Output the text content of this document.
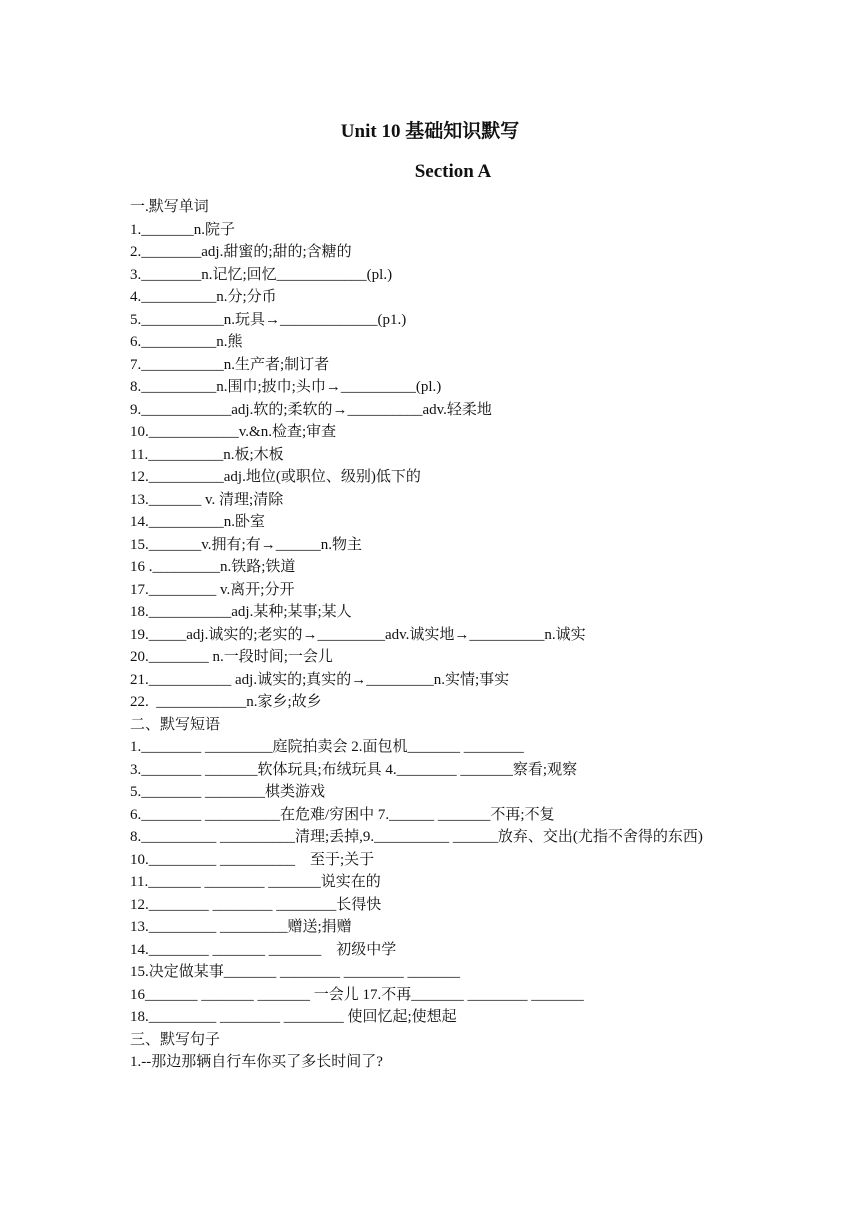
Unit 10 基础知识默写
Section A
一.默写单词
1._______n.院子
2.________adj.甜蜜的;甜的;含糖的
3.________n.记忆;回忆____________(pl.)
4.__________n.分;分币
5.___________n.玩具→_____________(p1.)
6.__________n.熊
7.___________n.生产者;制订者
8.__________n.围巾;披巾;头巾→__________(pl.)
9.____________adj.软的;柔软的→__________adv.轻柔地
10.____________v.&n.检查;审查
11.__________n.板;木板
12.__________adj.地位(或职位、级别)低下的
13._______ v. 清理;清除
14.__________n.卧室
15._______v.拥有;有→______n.物主
16 ._________n.铁路;铁道
17._________ v.离开;分开
18.___________adj.某种;某事;某人
19._____adj.诚实的;老实的→_________adv.诚实地→__________n.诚实
20.________ n.一段时间;一会儿
21.___________ adj.诚实的;真实的→_________n.实情;事实
22.  ____________n.家乡;故乡
二、默写短语
1.________ _________庭院拍卖会 2.面包机_______ ________
3.________ _______软体玩具;布绒玩具 4.________ _______察看;观察
5.________ ________棋类游戏
6.________ __________在危难/穷困中 7.______ _______不再;不复
8.__________ __________清理;丢掉,9.__________ ______放弃、交出(尤指不舍得的东西)
10._________ __________    至于;关于
11._______ ________ _______说实在的
12.________ ________ ________长得快
13._________ _________赠送;捐赠
14.________ _______ _______    初级中学
15.决定做某事_______ ________ ________ _______
16_______ _______ _______ 一会儿 17.不再_______ ________ _______
18._________ ________ ________ 使回忆起;使想起
三、默写句子
1.--那边那辆自行车你买了多长时间了?
